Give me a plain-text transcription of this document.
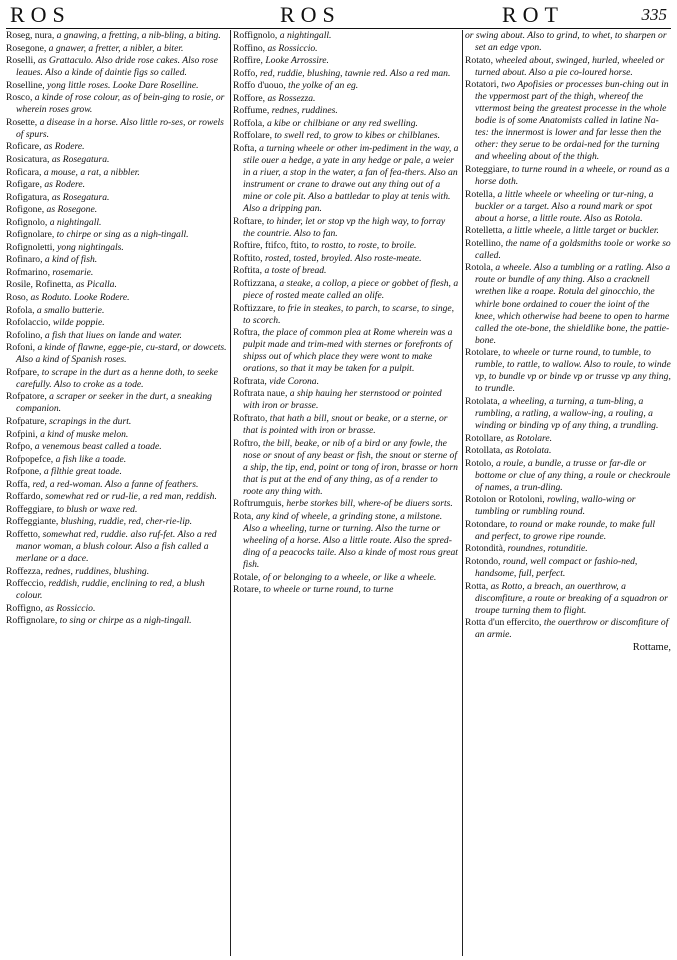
ROS	ROS	ROT	335
Roseg, nura, a gnawing, a fretting, a nib-bling, a biting.
Rosegone, a gnawer, a fretter, a nibler, a biter.
Roselli, as Grattaculo. Also dride rose cakes. Also rose leaues. Also a kinde of daintie figs so called.
Roselline, yong little roses. Looke Dare Roselline.
Rosco, a kinde of rose colour, as of bein-ging to rosie, or wherein roses grow.
Rosette, a disease in a horse. Also little ro-ses, or rowels of spurs.
Roficare, as Rodere.
Rosicatura, as Rosegatura.
Roficara, a mouse, a rat, a nibbler.
Rofigare, as Rodere.
Rofigatura, as Rosegatura.
Rofigone, as Rosegone.
Rofignolo, a nightingall.
Rofignolare, to chirpe or sing as a nigh-tingall.
Rofignoletti, yong nightingals.
Rofinaro, a kind of fish.
Rofmarino, rosemarie.
Rosile, Rofinetta, as Picalla.
Roso, as Roduto. Looke Rodere.
Rofola, a smallo butterie.
Rofolaccio, wilde poppie.
Rofolino, a fish that liues on lande and water.
Rofoni, a kinde of flawne, egge-pie, cu-stard, or dowcets. Also a kind of Spanish roses.
Rofpare, to scrape in the durt as a henne doth, to seeke carefully. Also to croke as a tode.
Rofpatore, a scraper or seeker in the durt, a sneaking companion.
Rofpature, scrapings in the durt.
Rofpini, a kind of muske melon.
Rofpo, a venemous beast called a toade.
Rofpopefce, a fish like a toade.
Rofpone, a filthie great toade.
Roffa, red, a red-woman. Also a fanne of feathers.
Roffardo, somewhat red or rud-lie, a red man, reddish.
Roffeggiare, to blush or waxe red.
Roffeggiante, blushing, ruddie, red, cher-rie-lip.
Roffetto, somewhat red, ruddie. also ruf-fet. Also a red manor woman, a blush colour. Also a fish called a merlane or a dace.
Roffezza, rednes, ruddines, blushing.
Roffeccio, reddish, ruddie, enclining to red, a blush colour.
Roffigno, as Rossiccio.
Roffignolare, to sing or chirpe as a nigh-tingall.
Roffignolo, a nightingall.
Roffino, as Rossiccio.
Roffire, Looke Arrossire.
Roffo, red, ruddie, blushing, tawnie red. Also a red man.
Roffo d'uouo, the yolke of an eg.
Roffore, as Rossezza.
Roffume, rednes, ruddines.
Roffola, a kibe or chilbiane or any red swelling.
Roffolare, to swell red, to grow to kibes or chilblanes.
Rofta, a turning wheele or other im-pediment in the way, a stile ouer a hedge, a yate in any hedge or pale, a weier in a riuer, a stop in the water, a fan of fea-thers. Also an instrument or crane to drawe out any thing out of a mine or cole pit. Also a battledar to play at tenis with. Also a dripping pan.
Roftare, to hinder, let or stop vp the high way, to forray the countrie. Also to fan.
Roftire, ftifco, ftito, to rostto, to roste, to broile.
Roftito, rosted, tosted, broyled. Also roste-meate.
Roftita, a toste of bread.
Roftizzana, a steake, a collop, a piece or gobbet of flesh, a piece of rosted meate called an olife.
Roftizzare, to frie in steakes, to parch, to scarse, to singe, to scorch.
Roftra, the place of common plea at Rome wherein was a pulpit made and trim-med with sternes or forefronts of shipss out of which place they were wont to make orations, so that it may be taken for a pulpit.
Roftrata, vide Corona.
Roftrata naue, a ship hauing her sternstood or pointed with iron or brasse.
Roftrato, that hath a bill, snout or beake, or a sterne, or that is pointed with iron or brasse.
Roftro, the bill, beake, or nib of a bird or any fowle, the nose or snout of any beast or fish, the snout or sterne of a ship, the tip, end, point or tong of iron, brasse or horn that is put at the end of any thing, as of a render to roote any thing with.
Roftrumguis, herbe storkes bill, where-of be diuers sorts.
Rota, any kind of wheele, a grinding stone, a milstone. Also a wheeling, turne or turning. Also the turne or wheeling of a horse. Also a little route. Also the spred-ding of a peacocks taile. Also a kinde of most rous great fish.
Rotale, of or belonging to a wheele, or like a wheele.
Rotare, to wheele or turne round, to turne
or swing about. Also to grind, to whet, to sharpen or set an edge vpon.
Rotato, wheeled about, swinged, hurled, wheeled or turned about. Also a pie co-loured horse.
Rotatori, two Apofisies or processes bun-ching out in the vppermost part of the thigh, whereof the vttermost being the greatest processe in the whole bodie is of some Anatomists called in latine Na-tes: the innermost is lower and far lesse then the other: they serue to be ordai-ned for the turning and wheeling about of the thigh.
Roteggiare, to turne round in a wheele, or round as a horse doth.
Rotella, a little wheele or wheeling or tur-ning, a buckler or a target. Also a round mark or spot about a horse, a little route. Also as Rotola.
Rotelletta, a little wheele, a little target or buckler.
Rotellino, the name of a goldsmiths toole or worke so called.
Rotola, a wheele. Also a tumbling or a ratling. Also a route or bundle of any thing. Also a cracknell wrethen like a roape. Rotula del ginocchio, the whirle bone ordained to couer the ioint of the knee, which otherwise had beene to open to harme called the ote-bone, the shieldlike bone, the pattie-bone.
Rotolare, to wheele or turne round, to tumble, to rumble, to rattle, to wallow. Also to roule, to winde vp, to bundle vp or binde vp or trusse vp any thing, to trundle.
Rotolata, a wheeling, a turning, a tum-bling, a rumbling, a ratling, a wallow-ing, a rouling, a winding or binding vp of any thing, a trundling.
Rotollare, as Rotolare.
Rotollata, as Rotolata.
Rotolo, a roule, a bundle, a trusse or far-dle or bottome or clue of any thing, a roule or checkroule of names, a trun-dling.
Rotolon or Rotoloni, rowling, wallo-wing or tumbling or rumbling round.
Rotondare, to round or make rounde, to make full and perfect, to growe ripe rounde.
Rotondità, roundnes, rotunditie.
Rotondo, round, well compact or fashio-ned, handsome, full, perfect.
Rotta, as Rotto, a breach, an ouerthrow, a discomfiture, a route or breaking of a squadron or troupe turning them to flight.
Rotta d'un effercito, the ouerthrow or discomfiture of an armie.
Rottame,
